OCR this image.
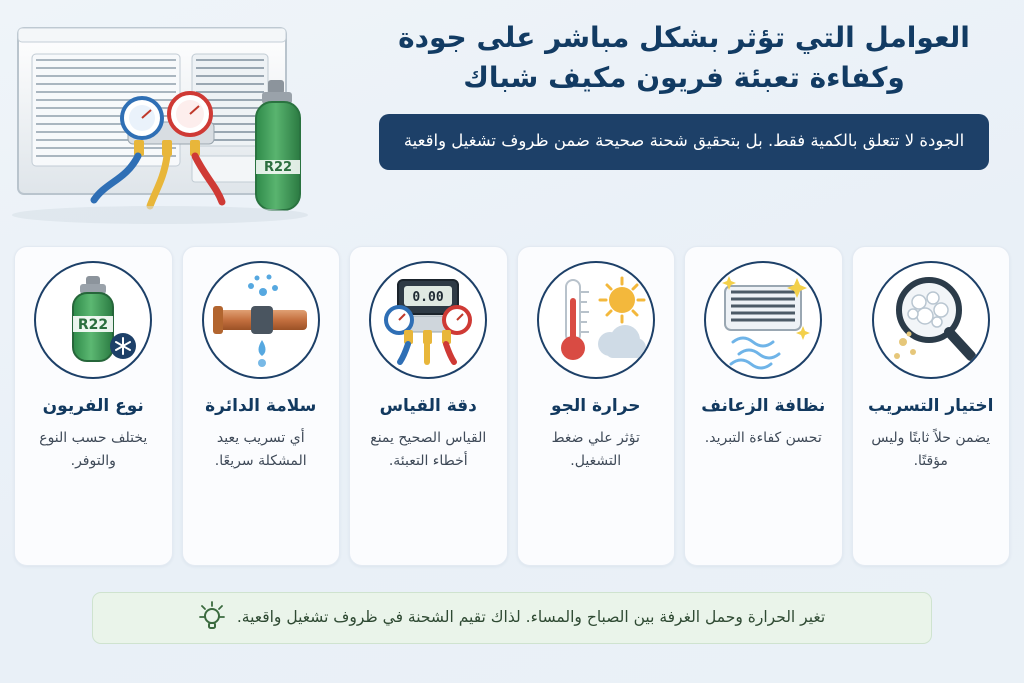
R22
العوامل التي تؤثر بشكل مباشر على جودة وكفاءة تعبئة فريون مكيف شباك
الجودة لا تتعلق بالكمية فقط. بل بتحقيق شحنة صحيحة ضمن ظروف تشغيل واقعية
R22
نوع الفريون
يختلف حسب النوع والتوفر.
سلامة الدائرة
أي تسريب يعيد المشكلة سريعًا.
0.00
دقة القياس
القياس الصحيح يمنع أخطاء التعبئة.
حرارة الجو
تؤثر علي ضغط التشغيل.
نظافة الزعانف
تحسن كفاءة التبريد.
اختيار التسريب
يضمن حلاً ثابتًا وليس مؤقتًا.
تغير الحرارة وحمل الغرفة بين الصباح والمساء. لذاك تقيم الشحنة في ظروف تشغيل واقعية.
